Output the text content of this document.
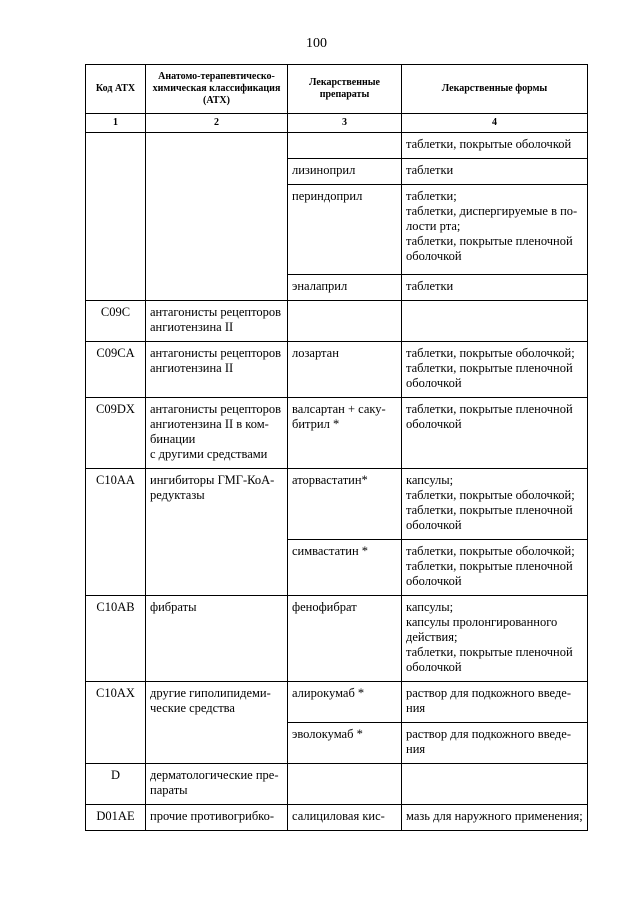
100
Код АТХ	Анатомо-терапевтическо-химическая классификация (АТХ)	Лекарственные препараты	Лекарственные формы
1	2	3	4

			таблетки, покрытые оболочкой

		лизиноприл	таблетки

		периндоприл	таблетки;
таблетки, диспергируемые в по-
лости рта;
таблетки, покрытые пленочной
оболочкой

		эналаприл	таблетки

C09C	антагонисты рецепторов
ангиотензина II		

C09CA	антагонисты рецепторов
ангиотензина II	лозартан	таблетки, покрытые оболочкой;
таблетки, покрытые пленочной
оболочкой

C09DX	антагонисты рецепторов
ангиотензина II в ком-
бинации
с другими средствами	валсартан + саку-
битрил *	таблетки, покрытые пленочной
оболочкой

C10AA	ингибиторы ГМГ-КоА-
редуктазы	аторвастатин*	капсулы;
таблетки, покрытые оболочкой;
таблетки, покрытые пленочной
оболочкой

		симвастатин *	таблетки, покрытые оболочкой;
таблетки, покрытые пленочной
оболочкой

C10AB	фибраты	фенофибрат	капсулы;
капсулы пролонгированного
действия;
таблетки, покрытые пленочной
оболочкой

C10AX	другие гиполипидеми-
ческие средства	алирокумаб *	раствор для подкожного введе-
ния

		эволокумаб *	раствор для подкожного введе-
ния

D	дерматологические пре-
параты		

D01AE	прочие противогрибко-	салициловая кис-	мазь для наружного применения;
